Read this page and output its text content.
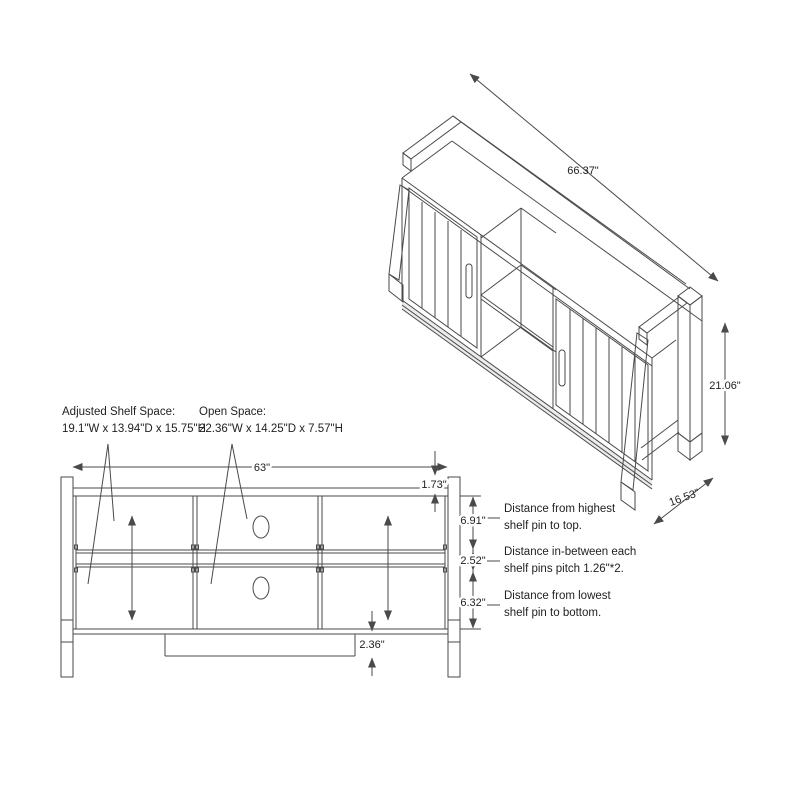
66.37"
21.06"
16.53"
63"
1.73"
6.91"
2.52"
6.32"
2.36"
Adjusted Shelf Space:
19.1"W x 13.94"D x 15.75"H
Open Space:
22.36"W x 14.25"D x 7.57"H
Distance from highest
shelf pin to top.
Distance in-between each
shelf pins pitch 1.26"*2.
Distance from lowest
shelf pin to bottom.
